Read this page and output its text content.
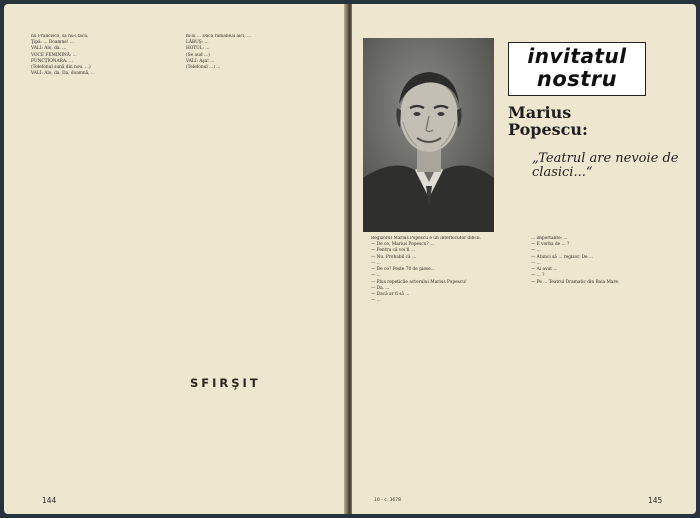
nu Francisco, să nu-i facă.

Ţipă: ... Doamne! ...

VALI: Alo, da. ...

VOCE FEMININĂ: ...

FUNCŢIONARA: ...

(Telefonul sună din nou. ...)

VALI: Alo, da. Da, doamnă, ...

m-ai ... Dacă rămâneai aici, ...

LĂBUŞ: ...

HOTUL: ...

(Se aud ...)

VALI: Aşa! ...

(Telefonul ...) ...

SFIRŞIT
144
invitatul
nostru
Marius
Popescu:
„Teatrul are nevoie de clasici...“

Regizorul Marius Popescu e un interlocutor dificil.

— De ce, Marius Popescu? ...

— Pentru că voi fi ...

— Nu. Probabil că ...

— ...

— De ce? Peste 70 de piese...

— ...

— Plus repeticile actorului Marius Popescu!

— Da. ...

— Dacă ar fi să ...

— ...

... importante: ...

— E vorba de ... ?

— ...

— Atunci să ... regizor. De ...

— ...

— Ai avut ...

— ... ?

— Pe ... Teatrul Dramatic din Baia Mare.

10 - c. 3678	145
